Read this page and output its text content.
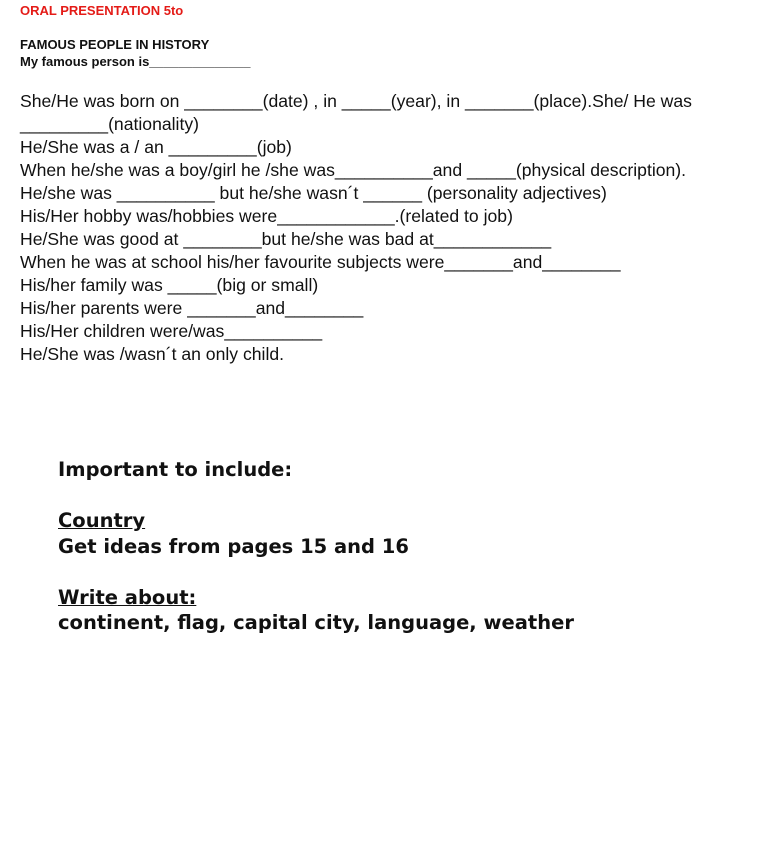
ORAL PRESENTATION 5to
FAMOUS PEOPLE IN HISTORY
My famous person is______________
She/He was born on ________(date) , in _____(year), in _______(place).She/ He was _________(nationality)
He/She was a / an _________(job)
When he/she was a boy/girl he /she was__________and _____(physical description).
He/she was __________ but he/she wasn´t ______ (personality adjectives)
His/Her hobby was/hobbies were____________.(related to job)
He/She was good at ________but he/she was bad at____________
When he was at school his/her favourite subjects were_______and________
His/her family was _____(big or small)
His/her parents were _______and________
His/Her children were/was__________
He/She was /wasn´t an only child.
Important to include:
Country
Get ideas from pages 15 and 16
Write about:
continent, flag, capital city, language, weather
